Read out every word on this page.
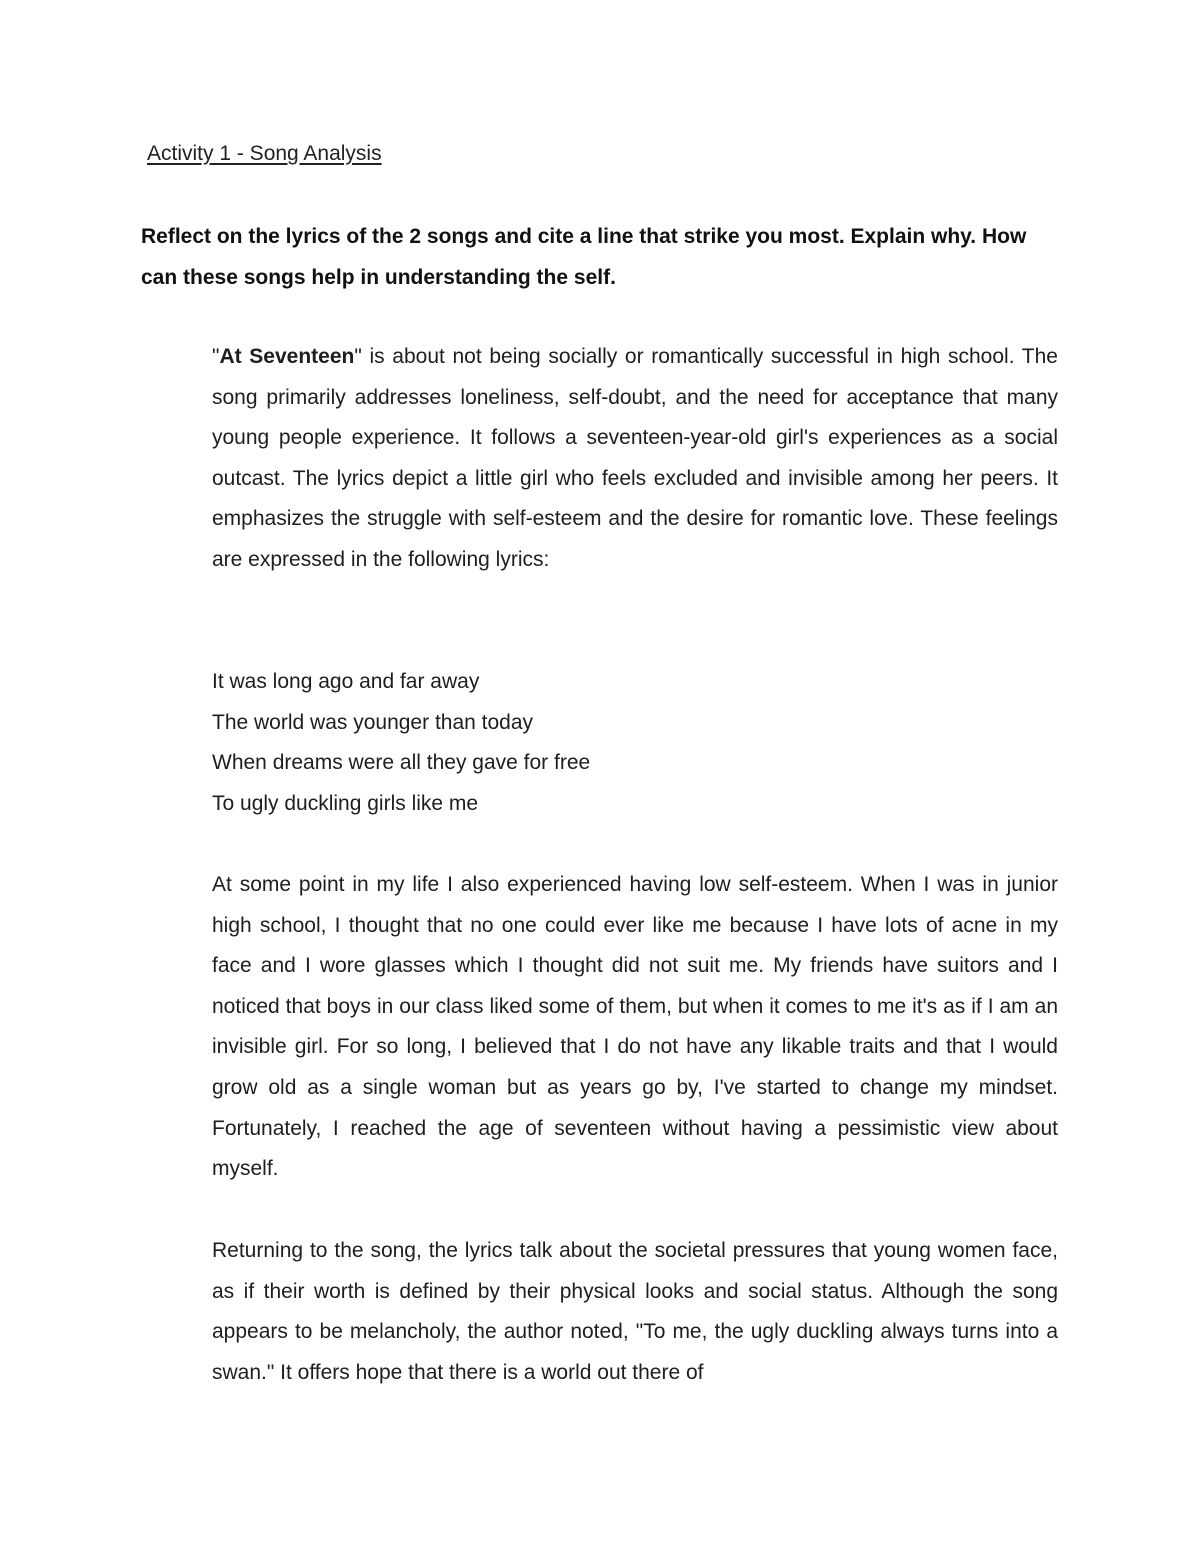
Activity 1 - Song Analysis

Reflect on the lyrics of the 2 songs and cite a line that strike you most. Explain why. How can these songs help in understanding the self.

"At Seventeen" is about not being socially or romantically successful in high school. The song primarily addresses loneliness, self-doubt, and the need for acceptance that many young people experience. It follows a seventeen-year-old girl's experiences as a social outcast. The lyrics depict a little girl who feels excluded and invisible among her peers. It emphasizes the struggle with self-esteem and the desire for romantic love. These feelings are expressed in the following lyrics:
It was long ago and far away
The world was younger than today
When dreams were all they gave for free
To ugly duckling girls like me
At some point in my life I also experienced having low self-esteem. When I was in junior high school, I thought that no one could ever like me because I have lots of acne in my face and I wore glasses which I thought did not suit me. My friends have suitors and I noticed that boys in our class liked some of them, but when it comes to me it's as if I am an invisible girl. For so long, I believed that I do not have any likable traits and that I would grow old as a single woman but as years go by, I've started to change my mindset. Fortunately, I reached the age of seventeen without having a pessimistic view about myself.
Returning to the song, the lyrics talk about the societal pressures that young women face, as if their worth is defined by their physical looks and social status. Although the song appears to be melancholy, the author noted, "To me, the ugly duckling always turns into a swan." It offers hope that there is a world out there of
